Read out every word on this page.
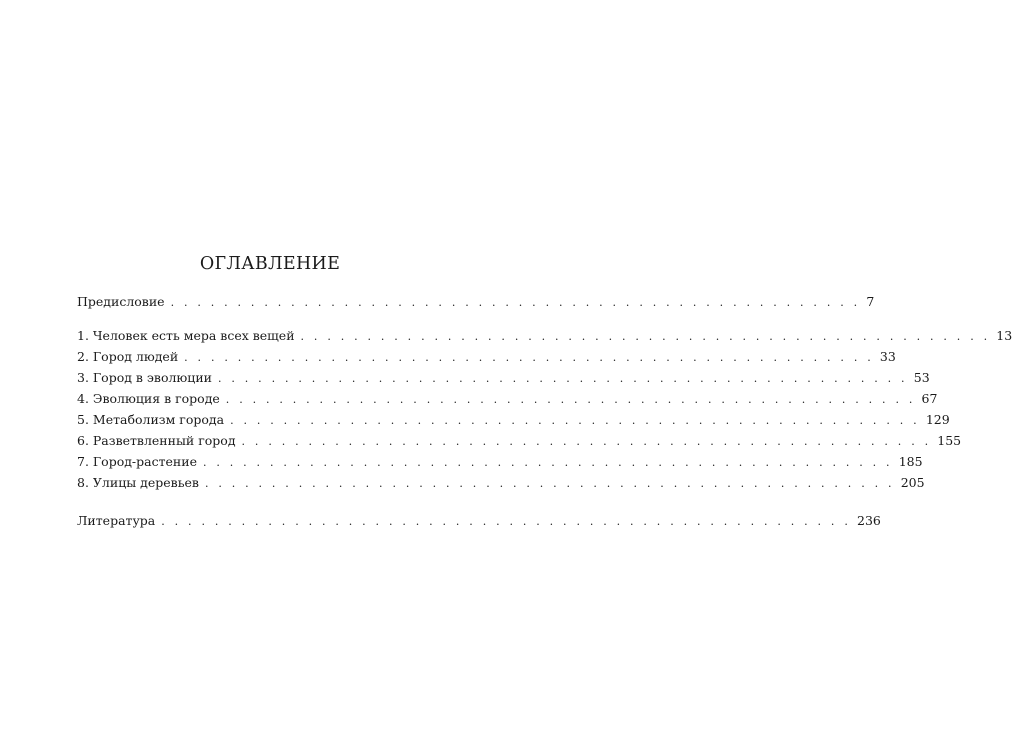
ОГЛАВЛЕНИЕ
Предисловие . . . . . . . . . . . . . . . . . . . . . . . . . . . . . . . . . . . . . . . . . . . . . . . . . . . . 7
1. Человек есть мера всех вещей . . . . . . . . . . . . . . . . . . . . . . . . . . . . . . . . . . . . . . . . . . . . . . . . . . . . 13
2. Город людей . . . . . . . . . . . . . . . . . . . . . . . . . . . . . . . . . . . . . . . . . . . . . . . . . . . . 33
3. Город в эволюции . . . . . . . . . . . . . . . . . . . . . . . . . . . . . . . . . . . . . . . . . . . . . . . . . . . . 53
4. Эволюция в городе . . . . . . . . . . . . . . . . . . . . . . . . . . . . . . . . . . . . . . . . . . . . . . . . . . . . 67
5. Метаболизм города . . . . . . . . . . . . . . . . . . . . . . . . . . . . . . . . . . . . . . . . . . . . . . . . . . . . 129
6. Разветвленный город . . . . . . . . . . . . . . . . . . . . . . . . . . . . . . . . . . . . . . . . . . . . . . . . . . . . 155
7. Город-растение . . . . . . . . . . . . . . . . . . . . . . . . . . . . . . . . . . . . . . . . . . . . . . . . . . . . 185
8. Улицы деревьев . . . . . . . . . . . . . . . . . . . . . . . . . . . . . . . . . . . . . . . . . . . . . . . . . . . . 205
Литература . . . . . . . . . . . . . . . . . . . . . . . . . . . . . . . . . . . . . . . . . . . . . . . . . . . . 236
